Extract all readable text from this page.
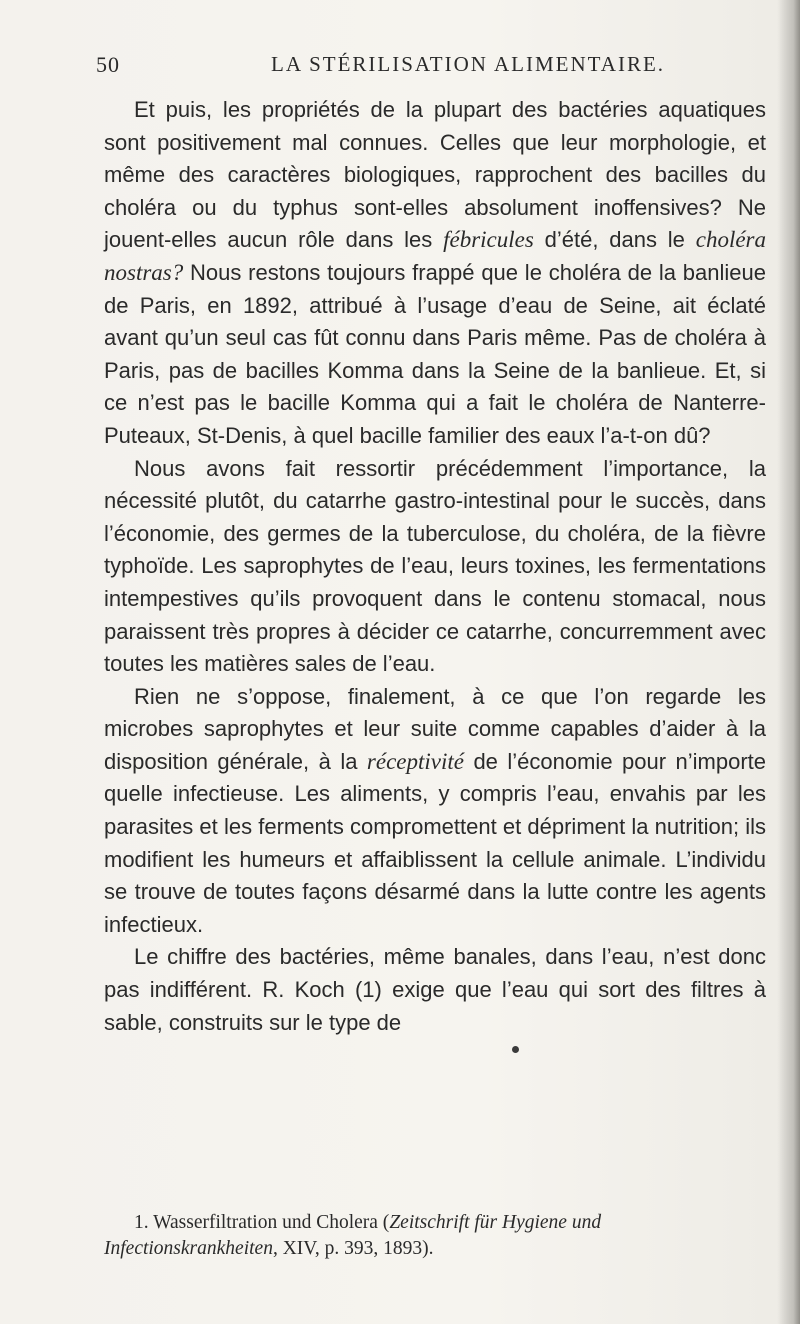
50	LA STÉRILISATION ALIMENTAIRE.

Et puis, les propriétés de la plupart des bactéries aquatiques sont positivement mal connues. Celles que leur morphologie, et même des caractères biologiques, rapprochent des bacilles du choléra ou du typhus sont-elles absolument inoffensives? Ne jouent-elles aucun rôle dans les fébricules d’été, dans le choléra nostras? Nous restons toujours frappé que le choléra de la banlieue de Paris, en 1892, attribué à l’usage d’eau de Seine, ait éclaté avant qu’un seul cas fût connu dans Paris même. Pas de choléra à Paris, pas de bacilles Komma dans la Seine de la banlieue. Et, si ce n’est pas le bacille Komma qui a fait le choléra de Nanterre-Puteaux, St-Denis, à quel bacille familier des eaux l’a-t-on dû?

Nous avons fait ressortir précédemment l’importance, la nécessité plutôt, du catarrhe gastro-intestinal pour le succès, dans l’économie, des germes de la tuberculose, du choléra, de la fièvre typhoïde. Les saprophytes de l’eau, leurs toxines, les fermentations intempestives qu’ils provoquent dans le contenu stomacal, nous paraissent très propres à décider ce catarrhe, concurremment avec toutes les matières sales de l’eau.

Rien ne s’oppose, finalement, à ce que l’on regarde les microbes saprophytes et leur suite comme capables d’aider à la disposition générale, à la réceptivité de l’économie pour n’importe quelle infectieuse. Les aliments, y compris l’eau, envahis par les parasites et les ferments compromettent et dépriment la nutrition; ils modifient les humeurs et affaiblissent la cellule animale. L’individu se trouve de toutes façons désarmé dans la lutte contre les agents infectieux.

Le chiffre des bactéries, même banales, dans l’eau, n’est donc pas indifférent. R. Koch (1) exige que l’eau qui sort des filtres à sable, construits sur le type de

1. Wasserfiltration und Cholera (Zeitschrift für Hygiene und Infectionskrankheiten, XIV, p. 393, 1893).
